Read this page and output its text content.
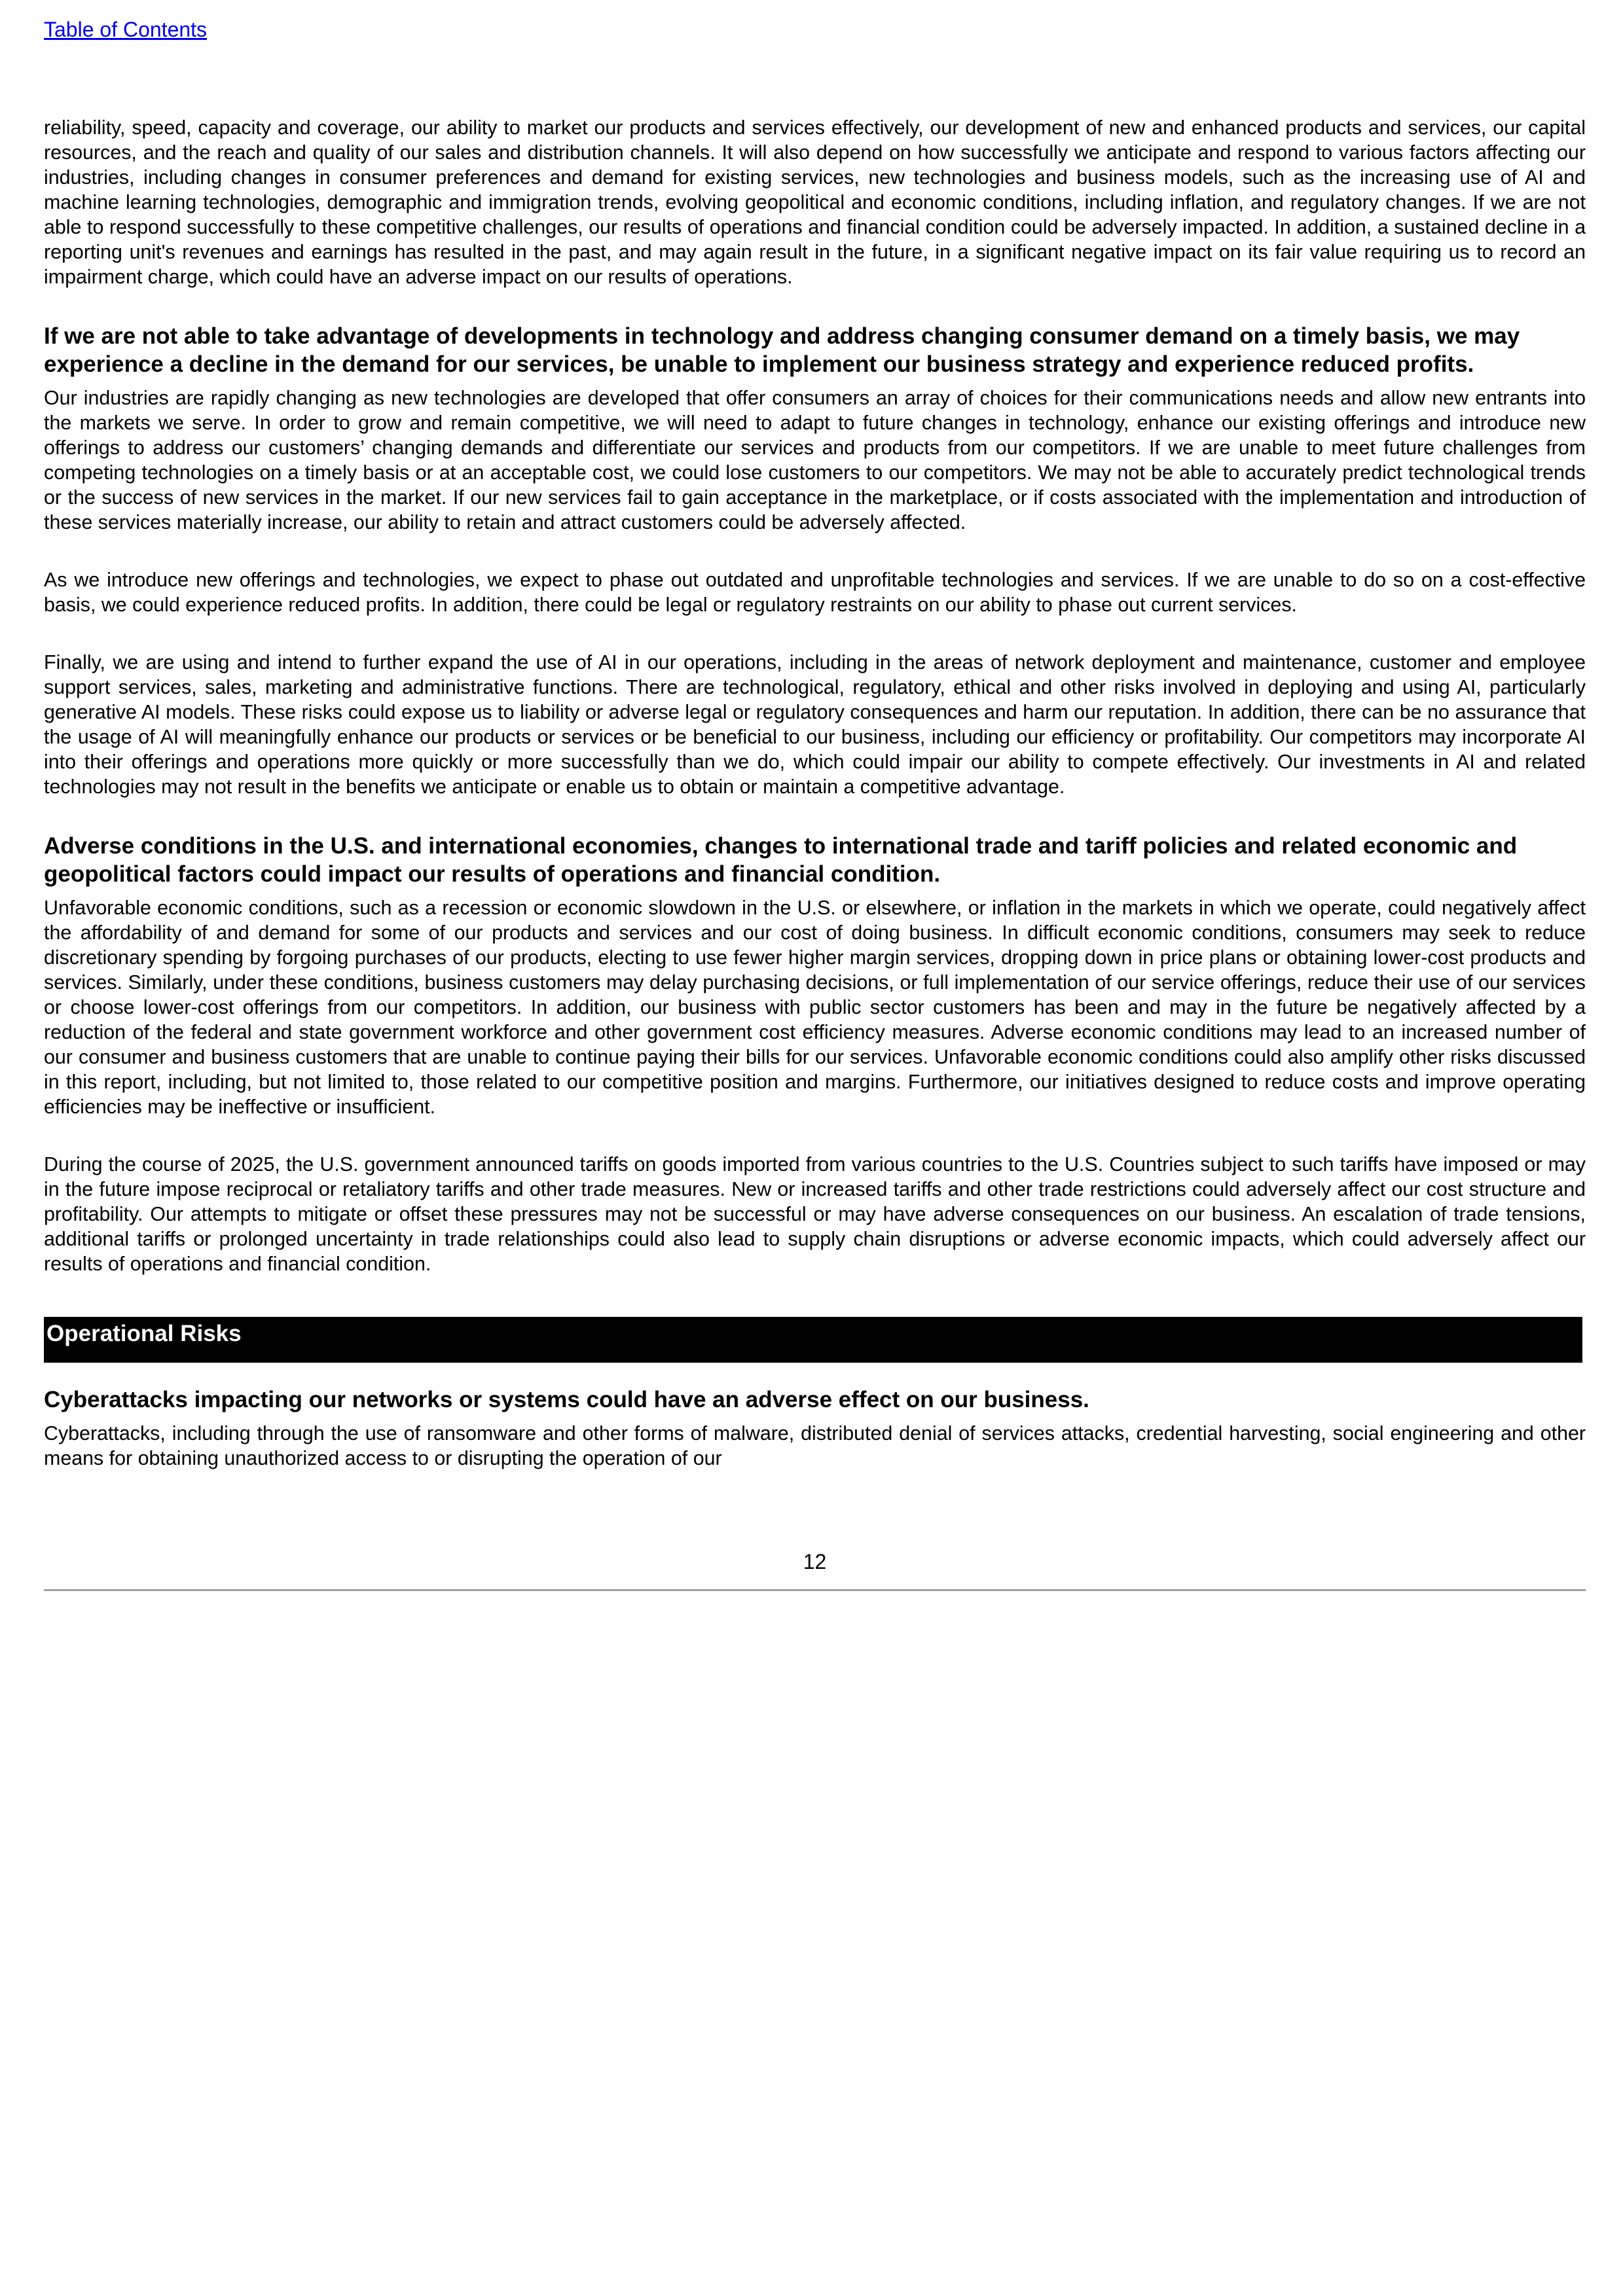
Table of Contents

reliability, speed, capacity and coverage, our ability to market our products and services effectively, our development of new and enhanced products and services, our capital resources, and the reach and quality of our sales and distribution channels. It will also depend on how successfully we anticipate and respond to various factors affecting our industries, including changes in consumer preferences and demand for existing services, new technologies and business models, such as the increasing use of AI and machine learning technologies, demographic and immigration trends, evolving geopolitical and economic conditions, including inflation, and regulatory changes. If we are not able to respond successfully to these competitive challenges, our results of operations and financial condition could be adversely impacted. In addition, a sustained decline in a reporting unit's revenues and earnings has resulted in the past, and may again result in the future, in a significant negative impact on its fair value requiring us to record an impairment charge, which could have an adverse impact on our results of operations.

If we are not able to take advantage of developments in technology and address changing consumer demand on a timely basis, we may experience a decline in the demand for our services, be unable to implement our business strategy and experience reduced profits.

Our industries are rapidly changing as new technologies are developed that offer consumers an array of choices for their communications needs and allow new entrants into the markets we serve. In order to grow and remain competitive, we will need to adapt to future changes in technology, enhance our existing offerings and introduce new offerings to address our customers’ changing demands and differentiate our services and products from our competitors. If we are unable to meet future challenges from competing technologies on a timely basis or at an acceptable cost, we could lose customers to our competitors. We may not be able to accurately predict technological trends or the success of new services in the market. If our new services fail to gain acceptance in the marketplace, or if costs associated with the implementation and introduction of these services materially increase, our ability to retain and attract customers could be adversely affected.

As we introduce new offerings and technologies, we expect to phase out outdated and unprofitable technologies and services. If we are unable to do so on a cost-effective basis, we could experience reduced profits. In addition, there could be legal or regulatory restraints on our ability to phase out current services.

Finally, we are using and intend to further expand the use of AI in our operations, including in the areas of network deployment and maintenance, customer and employee support services, sales, marketing and administrative functions. There are technological, regulatory, ethical and other risks involved in deploying and using AI, particularly generative AI models. These risks could expose us to liability or adverse legal or regulatory consequences and harm our reputation. In addition, there can be no assurance that the usage of AI will meaningfully enhance our products or services or be beneficial to our business, including our efficiency or profitability. Our competitors may incorporate AI into their offerings and operations more quickly or more successfully than we do, which could impair our ability to compete effectively. Our investments in AI and related technologies may not result in the benefits we anticipate or enable us to obtain or maintain a competitive advantage.

Adverse conditions in the U.S. and international economies, changes to international trade and tariff policies and related economic and geopolitical factors could impact our results of operations and financial condition.

Unfavorable economic conditions, such as a recession or economic slowdown in the U.S. or elsewhere, or inflation in the markets in which we operate, could negatively affect the affordability of and demand for some of our products and services and our cost of doing business. In difficult economic conditions, consumers may seek to reduce discretionary spending by forgoing purchases of our products, electing to use fewer higher margin services, dropping down in price plans or obtaining lower-cost products and services. Similarly, under these conditions, business customers may delay purchasing decisions, or full implementation of our service offerings, reduce their use of our services or choose lower-cost offerings from our competitors. In addition, our business with public sector customers has been and may in the future be negatively affected by a reduction of the federal and state government workforce and other government cost efficiency measures. Adverse economic conditions may lead to an increased number of our consumer and business customers that are unable to continue paying their bills for our services. Unfavorable economic conditions could also amplify other risks discussed in this report, including, but not limited to, those related to our competitive position and margins. Furthermore, our initiatives designed to reduce costs and improve operating efficiencies may be ineffective or insufficient.

During the course of 2025, the U.S. government announced tariffs on goods imported from various countries to the U.S. Countries subject to such tariffs have imposed or may in the future impose reciprocal or retaliatory tariffs and other trade measures. New or increased tariffs and other trade restrictions could adversely affect our cost structure and profitability. Our attempts to mitigate or offset these pressures may not be successful or may have adverse consequences on our business. An escalation of trade tensions, additional tariffs or prolonged uncertainty in trade relationships could also lead to supply chain disruptions or adverse economic impacts, which could adversely affect our results of operations and financial condition.

Operational Risks
Cyberattacks impacting our networks or systems could have an adverse effect on our business.

Cyberattacks, including through the use of ransomware and other forms of malware, distributed denial of services attacks, credential harvesting, social engineering and other means for obtaining unauthorized access to or disrupting the operation of our

12
